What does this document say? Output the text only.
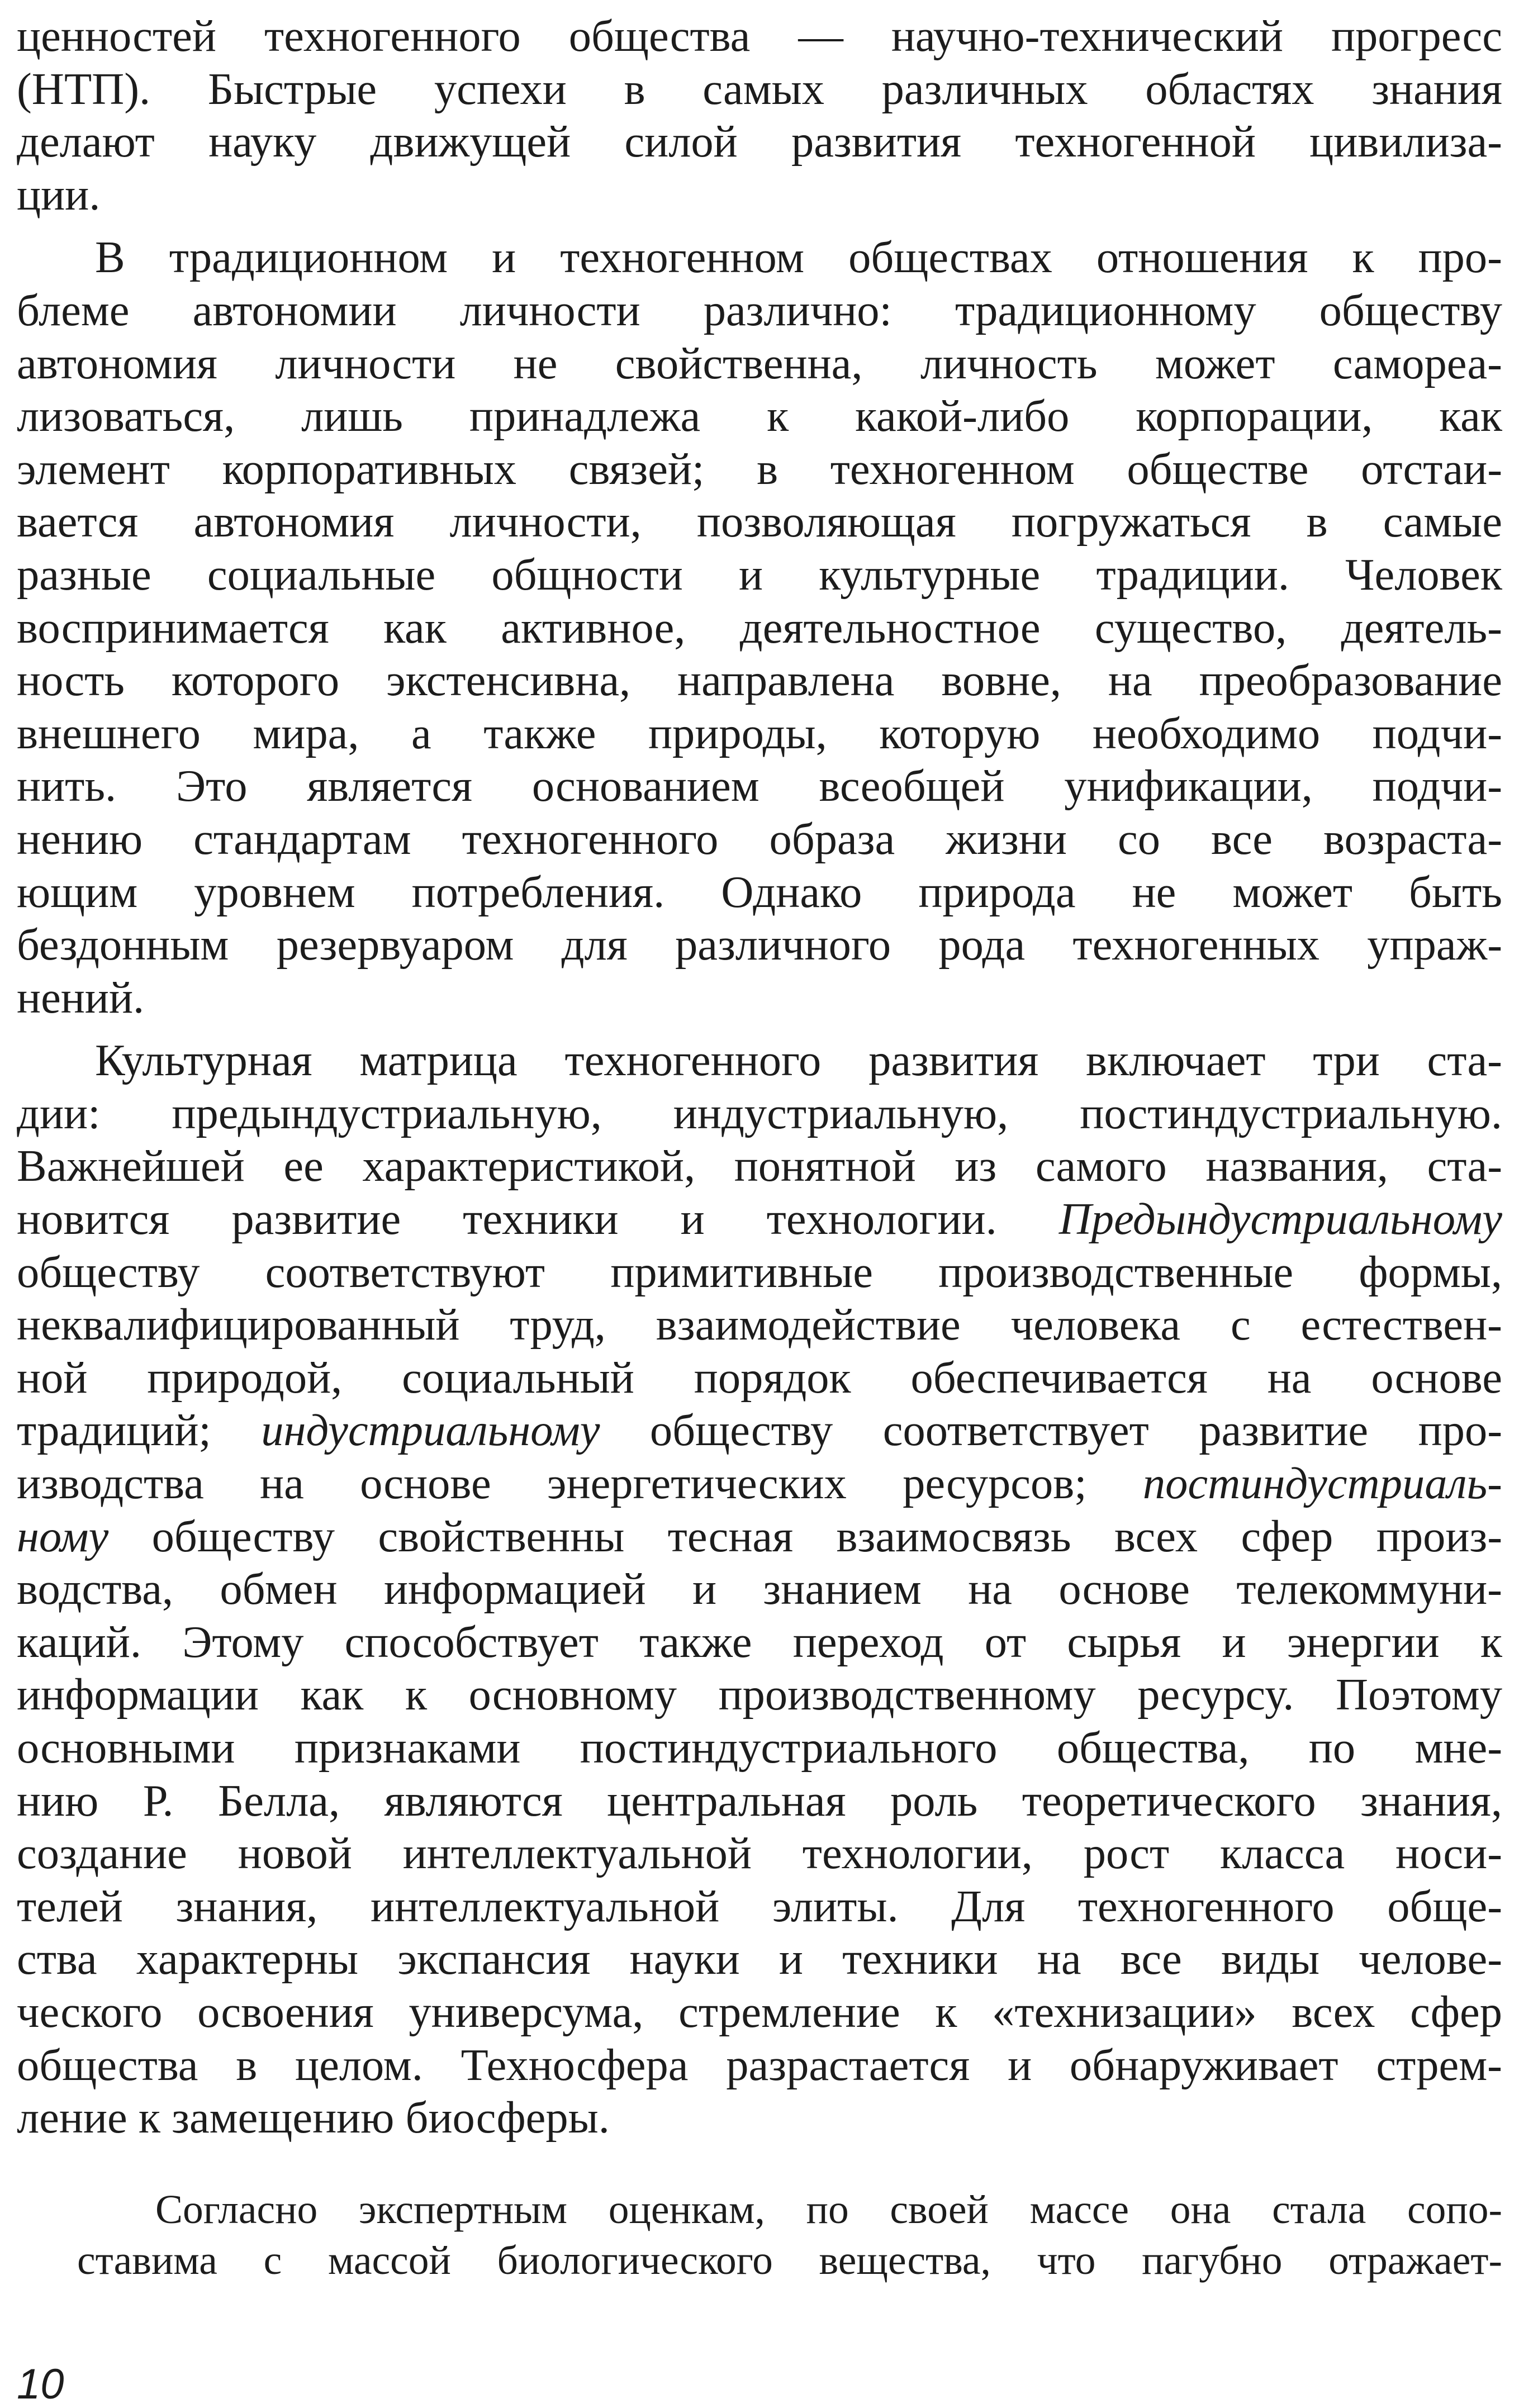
ценностей техногенного общества — научно-технический прогресс
(НТП). Быстрые успехи в самых различных областях знания
делают науку движущей силой развития техногенной цивилиза-
ции.

В традиционном и техногенном обществах отношения к про-
блеме автономии личности различно: традиционному обществу
автономия личности не свойственна, личность может самореа-
лизоваться, лишь принадлежа к какой-либо корпорации, как
элемент корпоративных связей; в техногенном обществе отстаи-
вается автономия личности, позволяющая погружаться в самые
разные социальные общности и культурные традиции. Человек
воспринимается как активное, деятельностное существо, деятель-
ность которого экстенсивна, направлена вовне, на преобразование
внешнего мира, а также природы, которую необходимо подчи-
нить. Это является основанием всеобщей унификации, подчи-
нению стандартам техногенного образа жизни со все возраста-
ющим уровнем потребления. Однако природа не может быть
бездонным резервуаром для различного рода техногенных упраж-
нений.

Культурная матрица техногенного развития включает три ста-
дии: предындустриальную, индустриальную, постиндустриальную.
Важнейшей ее характеристикой, понятной из самого названия, ста-
новится развитие техники и технологии. Предындустриальному
обществу соответствуют примитивные производственные формы,
неквалифицированный труд, взаимодействие человека с естествен-
ной природой, социальный порядок обеспечивается на основе
традиций; индустриальному обществу соответствует развитие про-
изводства на основе энергетических ресурсов; постиндустриаль-
ному обществу свойственны тесная взаимосвязь всех сфер произ-
водства, обмен информацией и знанием на основе телекоммуни-
каций. Этому способствует также переход от сырья и энергии к
информации как к основному производственному ресурсу. Поэтому
основными признаками постиндустриального общества, по мне-
нию Р. Белла, являются центральная роль теоретического знания,
создание новой интеллектуальной технологии, рост класса носи-
телей знания, интеллектуальной элиты. Для техногенного обще-
ства характерны экспансия науки и техники на все виды челове-
ческого освоения универсума, стремление к «технизации» всех сфер
общества в целом. Техносфера разрастается и обнаруживает стрем-
ление к замещению биосферы.

Согласно экспертным оценкам, по своей массе она стала сопо-
ставима с массой биологического вещества, что пагубно отражает-

10
